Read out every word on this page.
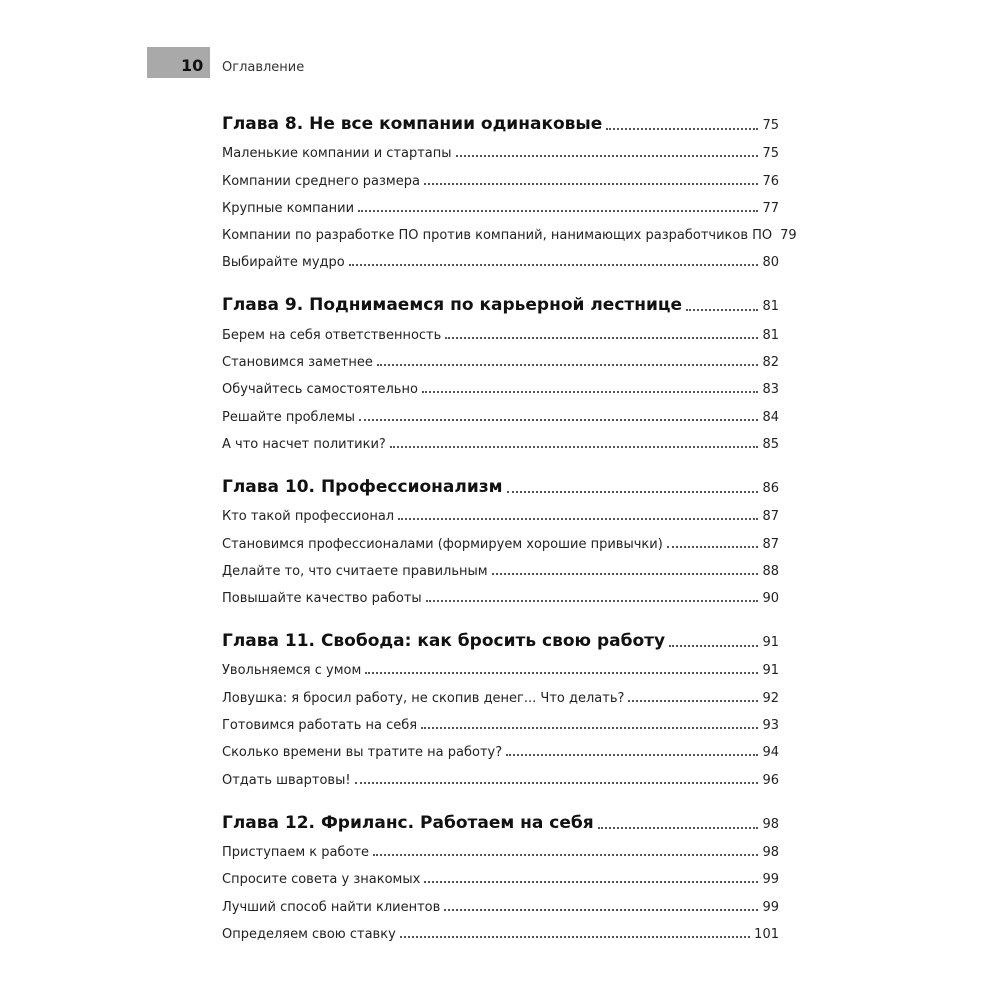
10 Оглавление
Глава 8. Не все компании одинаковые	75
Маленькие компании и стартапы	75
Компании среднего размера	76
Крупные компании	77
Компании по разработке ПО против компаний, нанимающих разработчиков ПО 79
Выбирайте мудро	80
Глава 9. Поднимаемся по карьерной лестнице	81
Берем на себя ответственность	81
Становимся заметнее	82
Обучайтесь самостоятельно	83
Решайте проблемы	84
А что насчет политики?	85
Глава 10. Профессионализм	86
Кто такой профессионал	87
Становимся профессионалами (формируем хорошие привычки)	87
Делайте то, что считаете правильным	88
Повышайте качество работы	90
Глава 11. Свобода: как бросить свою работу	91
Увольняемся с умом	91
Ловушка: я бросил работу, не скопив денег... Что делать?	92
Готовимся работать на себя	93
Сколько времени вы тратите на работу?	94
Отдать швартовы!	96
Глава 12. Фриланс. Работаем на себя	98
Приступаем к работе	98
Спросите совета у знакомых	99
Лучший способ найти клиентов	99
Определяем свою ставку	101
